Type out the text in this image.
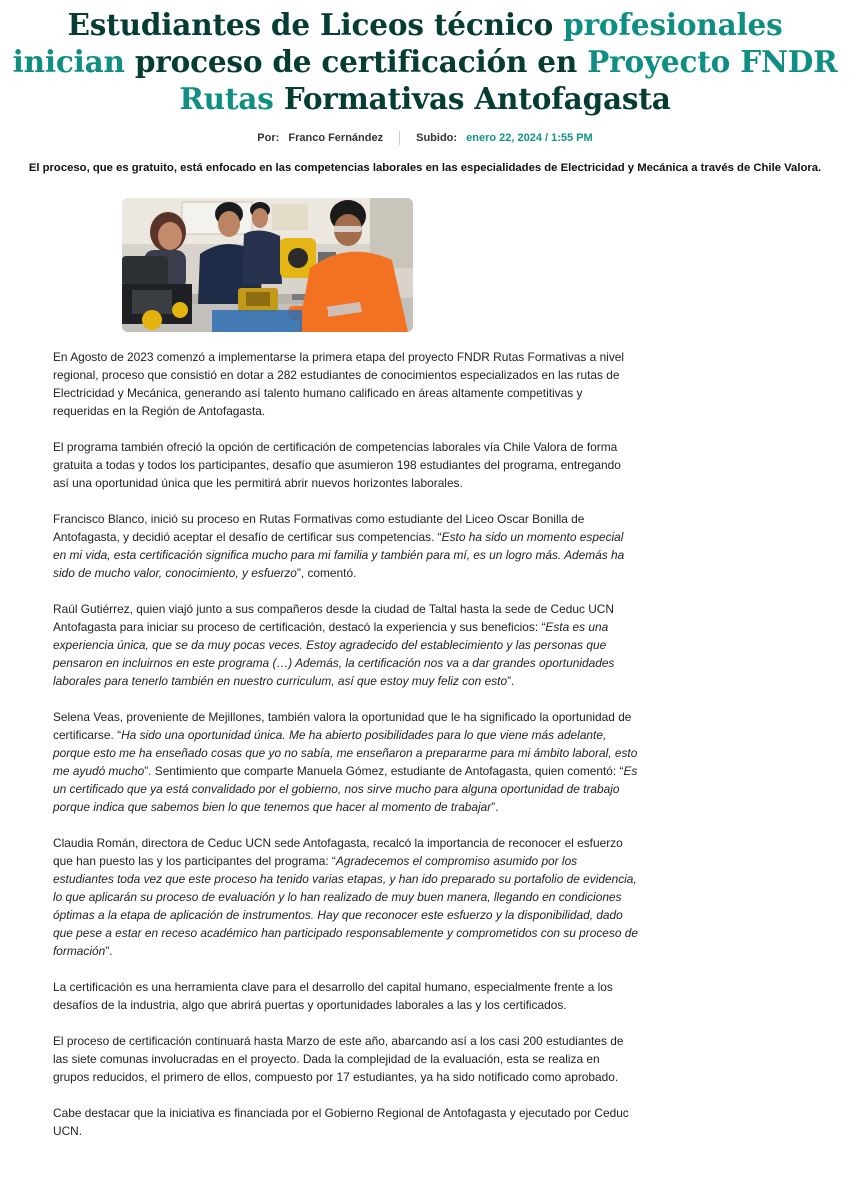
Estudiantes de Liceos técnico profesionales inician proceso de certificación en Proyecto FNDR Rutas Formativas Antofagasta
Por: Franco Fernández	Subido: enero 22, 2024 / 1:55 PM

El proceso, que es gratuito, está enfocado en las competencias laborales en las especialidades de Electricidad y Mecánica a través de Chile Valora.

En Agosto de 2023 comenzó a implementarse la primera etapa del proyecto FNDR Rutas Formativas a nivel regional, proceso que consistió en dotar a 282 estudiantes de conocimientos especializados en las rutas de Electricidad y Mecánica, generando así talento humano calificado en áreas altamente competitivas y requeridas en la Región de Antofagasta.

El programa también ofreció la opción de certificación de competencias laborales vía Chile Valora de forma gratuita a todas y todos los participantes, desafío que asumieron 198 estudiantes del programa, entregando así una oportunidad única que les permitirá abrir nuevos horizontes laborales.

Francisco Blanco, inició su proceso en Rutas Formativas como estudiante del Liceo Oscar Bonilla de Antofagasta, y decidió aceptar el desafío de certificar sus competencias. “Esto ha sido un momento especial en mi vida, esta certificación significa mucho para mi familia y también para mí, es un logro más. Además ha sido de mucho valor, conocimiento, y esfuerzo”, comentó.

Raúl Gutiérrez, quien viajó junto a sus compañeros desde la ciudad de Taltal hasta la sede de Ceduc UCN Antofagasta para iniciar su proceso de certificación, destacó la experiencia y sus beneficios: “Esta es una experiencia única, que se da muy pocas veces. Estoy agradecido del establecimiento y las personas que pensaron en incluirnos en este programa (…) Además, la certificación nos va a dar grandes oportunidades laborales para tenerlo también en nuestro curriculum, así que estoy muy feliz con esto”.

Selena Veas, proveniente de Mejillones, también valora la oportunidad que le ha significado la oportunidad de certificarse. “Ha sido una oportunidad única. Me ha abierto posibilidades para lo que viene más adelante, porque esto me ha enseñado cosas que yo no sabía, me enseñaron a prepararme para mi ámbito laboral, esto me ayudó mucho”. Sentimiento que comparte Manuela Gómez, estudiante de Antofagasta, quien comentó: “Es un certificado que ya está convalidado por el gobierno, nos sirve mucho para alguna oportunidad de trabajo porque indica que sabemos bien lo que tenemos que hacer al momento de trabajar”.

Claudia Román, directora de Ceduc UCN sede Antofagasta, recalcó la importancia de reconocer el esfuerzo que han puesto las y los participantes del programa: “Agradecemos el compromiso asumido por los estudiantes toda vez que este proceso ha tenido varias etapas, y han ido preparado su portafolio de evidencia, lo que aplicarán su proceso de evaluación y lo han realizado de muy buen manera, llegando en condiciones óptimas a la etapa de aplicación de instrumentos. Hay que reconocer este esfuerzo y la disponibilidad, dado que pese a estar en receso académico han participado responsablemente y comprometidos con su proceso de formación”.

La certificación es una herramienta clave para el desarrollo del capital humano, especialmente frente a los desafíos de la industria, algo que abrirá puertas y oportunidades laborales a las y los certificados.

El proceso de certificación continuará hasta Marzo de este año, abarcando así a los casi 200 estudiantes de las siete comunas involucradas en el proyecto. Dada la complejidad de la evaluación, esta se realiza en grupos reducidos, el primero de ellos, compuesto por 17 estudiantes, ya ha sido notificado como aprobado.

Cabe destacar que la iniciativa es financiada por el Gobierno Regional de Antofagasta y ejecutado por Ceduc UCN.
